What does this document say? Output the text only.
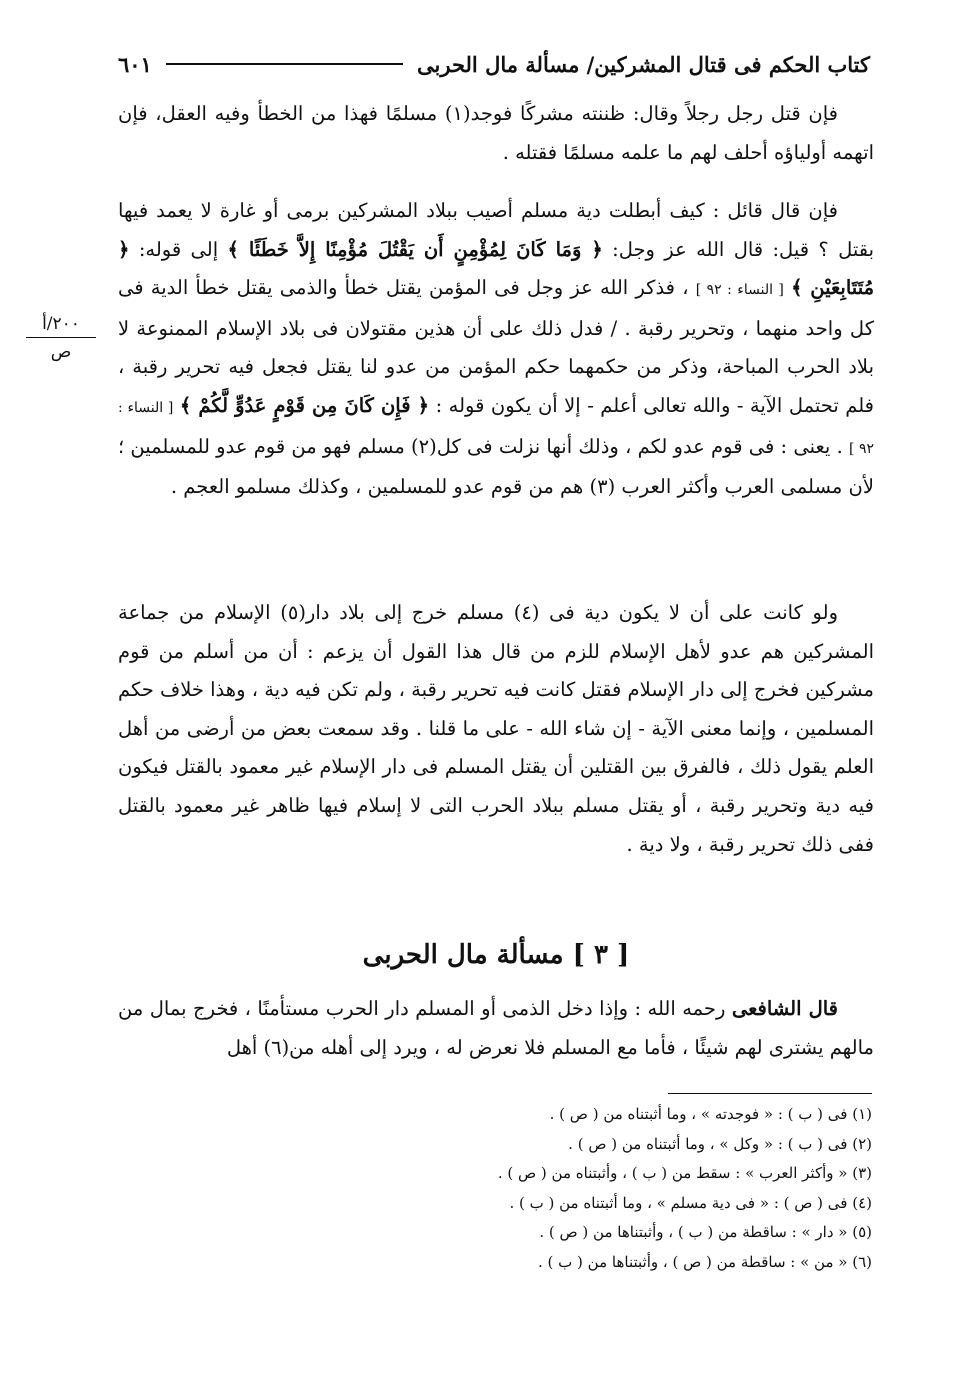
كتاب الحكم فى قتال المشركين/ مسألة مال الحربى
٦٠١
٢٠٠/أ
ص

فإن قتل رجل رجلاً وقال: ظننته مشركًا فوجد(١) مسلمًا فهذا من الخطأ وفيه العقل، فإن اتهمه أولياؤه أحلف لهم ما علمه مسلمًا فقتله .

فإن قال قائل : كيف أبطلت دية مسلم أصيب ببلاد المشركين برمى أو غارة لا يعمد فيها بقتل ؟ قيل: قال الله عز وجل: ﴿ وَمَا كَانَ لِمُؤْمِنٍ أَن يَقْتُلَ مُؤْمِنًا إِلاَّ خَطَئًا ﴾ إلى قوله: ﴿ مُتَتَابِعَيْنِ ﴾ [ النساء : ٩٢ ] ، فذكر الله عز وجل فى المؤمن يقتل خطأ والذمى يقتل خطأ الدية فى كل واحد منهما ، وتحرير رقبة . / فدل ذلك على أن هذين مقتولان فى بلاد الإسلام الممنوعة لا بلاد الحرب المباحة، وذكر من حكمهما حكم المؤمن من عدو لنا يقتل فجعل فيه تحرير رقبة ، فلم تحتمل الآية - والله تعالى أعلم - إلا أن يكون قوله : ﴿ فَإِن كَانَ مِن قَوْمٍ عَدُوٍّ لَّكُمْ ﴾ [ النساء : ٩٢ ] . يعنى : فى قوم عدو لكم ، وذلك أنها نزلت فى كل(٢) مسلم فهو من قوم عدو للمسلمين ؛ لأن مسلمى العرب وأكثر العرب (٣) هم من قوم عدو للمسلمين ، وكذلك مسلمو العجم .

ولو كانت على أن لا يكون دية فى (٤) مسلم خرج إلى بلاد دار(٥) الإسلام من جماعة المشركين هم عدو لأهل الإسلام للزم من قال هذا القول أن يزعم : أن من أسلم من قوم مشركين فخرج إلى دار الإسلام فقتل كانت فيه تحرير رقبة ، ولم تكن فيه دية ، وهذا خلاف حكم المسلمين ، وإنما معنى الآية - إن شاء الله - على ما قلنا . وقد سمعت بعض من أرضى من أهل العلم يقول ذلك ، فالفرق بين القتلين أن يقتل المسلم فى دار الإسلام غير معمود بالقتل فيكون فيه دية وتحرير رقبة ، أو يقتل مسلم ببلاد الحرب التى لا إسلام فيها ظاهر غير معمود بالقتل ففى ذلك تحرير رقبة ، ولا دية .

[ ٣ ] مسألة مال الحربى

قال الشافعى رحمه الله : وإذا دخل الذمى أو المسلم دار الحرب مستأمنًا ، فخرج بمال من مالهم يشترى لهم شيئًا ، فأما مع المسلم فلا نعرض له ، ويرد إلى أهله من(٦) أهل

(١) فى ( ب ) : « فوجدته » ، وما أثبتناه من ( ص ) .
(٢) فى ( ب ) : « وكل » ، وما أثبتناه من ( ص ) .
(٣) « وأكثر العرب » : سقط من ( ب ) ، وأثبتناه من ( ص ) .
(٤) فى ( ص ) : « فى دية مسلم » ، وما أثبتناه من ( ب ) .
(٥) « دار » : ساقطة من ( ب ) ، وأثبتناها من ( ص ) .
(٦) « من » : ساقطة من ( ص ) ، وأثبتناها من ( ب ) .
